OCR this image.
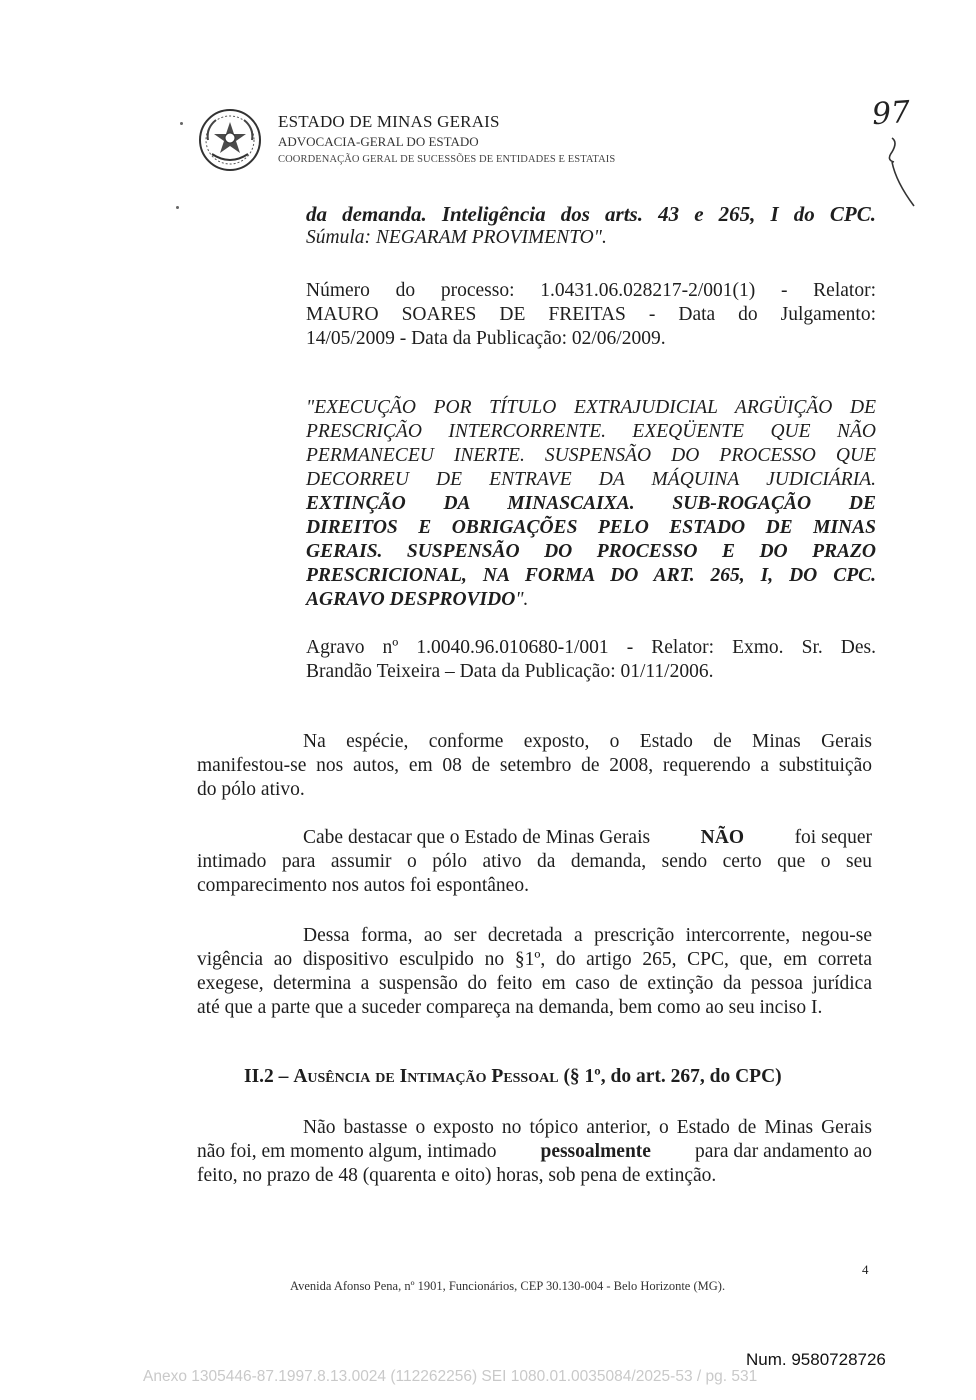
ESTADO DE MINAS GERAIS
ADVOCACIA-GERAL DO ESTADO
COORDENAÇÃO GERAL DE SUCESSÕES DE ENTIDADES E ESTATAIS
97
da demanda. Inteligência dos arts. 43 e 265, I do CPC.
Súmula: NEGARAM PROVIMENTO".
Número do processo: 1.0431.06.028217-2/001(1) - Relator:
MAURO SOARES DE FREITAS - Data do Julgamento:
14/05/2009 - Data da Publicação: 02/06/2009.
"EXECUÇÃO POR TÍTULO EXTRAJUDICIAL ARGÜIÇÃO DE
PRESCRIÇÃO INTERCORRENTE. EXEQÜENTE QUE NÃO
PERMANECEU INERTE. SUSPENSÃO DO PROCESSO QUE
DECORREU DE ENTRAVE DA MÁQUINA JUDICIÁRIA.
EXTINÇÃO DA MINASCAIXA. SUB-ROGAÇÃO DE
DIREITOS E OBRIGAÇÕES PELO ESTADO DE MINAS
GERAIS. SUSPENSÃO DO PROCESSO E DO PRAZO
PRESCRICIONAL, NA FORMA DO ART. 265, I, DO CPC.
AGRAVO DESPROVIDO".
Agravo nº 1.0040.96.010680-1/001 - Relator: Exmo. Sr. Des.
Brandão Teixeira – Data da Publicação: 01/11/2006.
Na espécie, conforme exposto, o Estado de Minas Gerais
manifestou-se nos autos, em 08 de setembro de 2008, requerendo a substituição
do pólo ativo.
Cabe destacar que o Estado de Minas Gerais	NÃO	foi sequer
intimado para assumir o pólo ativo da demanda, sendo certo que o seu
comparecimento nos autos foi espontâneo.
Dessa forma, ao ser decretada a prescrição intercorrente, negou-se
vigência ao dispositivo esculpido no §1º, do artigo 265, CPC, que, em correta
exegese, determina a suspensão do feito em caso de extinção da pessoa jurídica
até que a parte que a suceder compareça na demanda, bem como ao seu inciso I.
II.2 – Ausência de Intimação Pessoal (§ 1º, do art. 267, do CPC)
Não bastasse o exposto no tópico anterior, o Estado de Minas Gerais
não foi, em momento algum, intimado pessoalmente para dar andamento ao
feito, no prazo de 48 (quarenta e oito) horas, sob pena de extinção.
4
Avenida Afonso Pena, nº 1901, Funcionários, CEP 30.130-004 - Belo Horizonte (MG).
Num. 9580728726
Anexo 1305446-87.1997.8.13.0024 (112262256) SEI 1080.01.0035084/2025-53 / pg. 531
